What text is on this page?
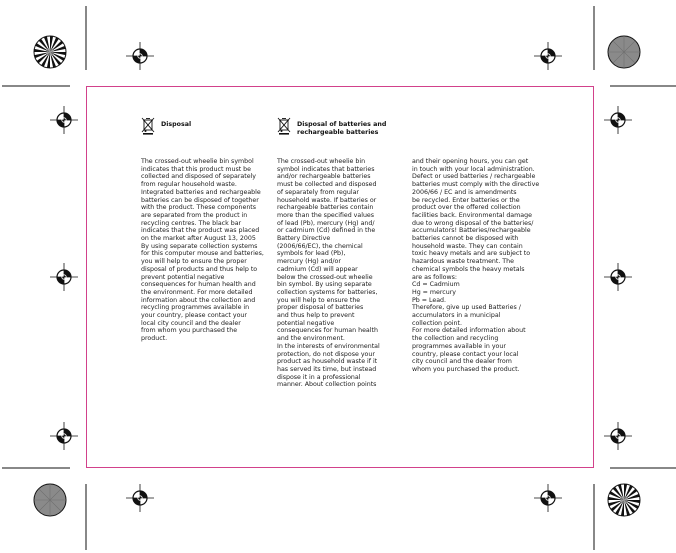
Disposal

The crossed-out wheelie bin symbol
indicates that this product must be
collected and disposed of separately
from regular household waste.
Integrated batteries and rechargeable
batteries can be disposed of together
with the product. These components
are separated from the product in
recycling centres. The black bar
indicates that the product was placed
on the market after August 13, 2005
By using separate collection systems
for this computer mouse and batteries,
you will help to ensure the proper
disposal of products and thus help to
prevent potential negative
consequences for human health and
the environment. For more detailed
information about the collection and
recycling programmes available in
your country, please contact your
local city council and the dealer
from whom you purchased the
product.

Disposal of batteries and
rechargeable batteries

The crossed-out wheelie bin
symbol indicates that batteries
and/or rechargeable batteries
must be collected and disposed
of separately from regular
household waste. If batteries or
rechargeable batteries contain
more than the specified values
of lead (Pb), mercury (Hg) and/
or cadmium (Cd) defined in the
Battery Directive
(2006/66/EC), the chemical
symbols for lead (Pb),
mercury (Hg) and/or
cadmium (Cd) will appear
below the crossed-out wheelie
bin symbol. By using separate
collection systems for batteries,
you will help to ensure the
proper disposal of batteries
and thus help to prevent
potential negative
consequences for human health
and the environment.
In the interests of environmental
protection, do not dispose your
product as household waste if it
has served its time, but instead
dispose it in a professional
manner. About collection points

and their opening hours, you can get
in touch with your local administration.
Defect or used batteries / rechargeable
batteries must comply with the directive
2006/66 / EC and is amendments
be recycled. Enter batteries or the
product over the offered collection
facilities back. Environmental damage
due to wrong disposal of the batteries/
accumulators! Batteries/rechargeable
batteries cannot be disposed with
household waste. They can contain
toxic heavy metals and are subject to
hazardous waste treatment. The
chemical symbols the heavy metals
are as follows:
Cd = Cadmium
Hg = mercury
Pb = Lead.
Therefore, give up used Batteries /
accumulators in a municipal
collection point.
For more detailed information about
the collection and recycling
programmes available in your
country, please contact your local
city council and the dealer from
whom you purchased the product.
